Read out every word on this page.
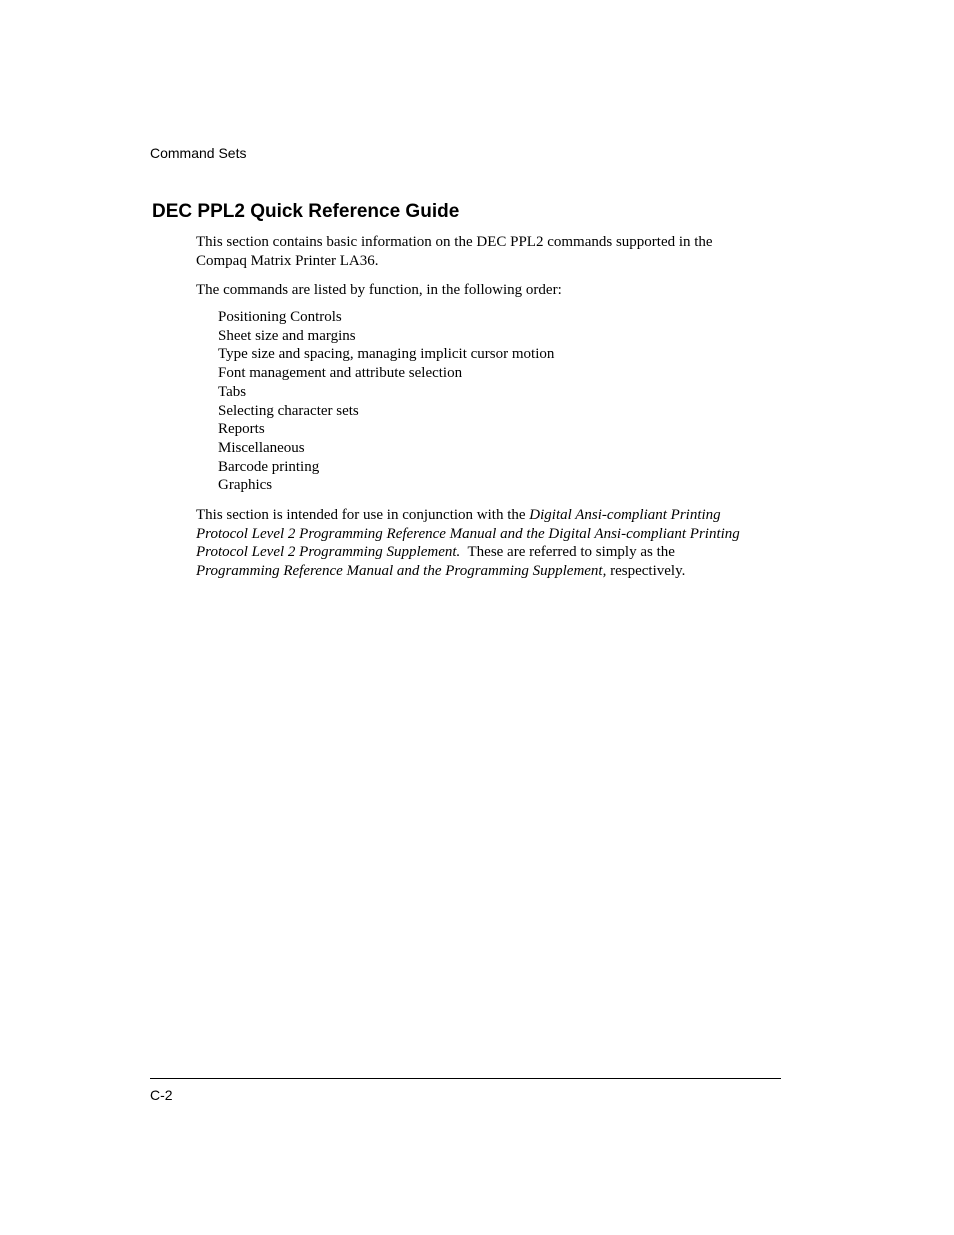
Command Sets
DEC PPL2 Quick Reference Guide

This section contains basic information on the DEC PPL2 commands supported in the
Compaq Matrix Printer LA36.

The commands are listed by function, in the following order:

Positioning Controls
Sheet size and margins
Type size and spacing, managing implicit cursor motion
Font management and attribute selection
Tabs
Selecting character sets
Reports
Miscellaneous
Barcode printing
Graphics

This section is intended for use in conjunction with the Digital Ansi-compliant Printing
Protocol Level 2 Programming Reference Manual and the Digital Ansi-compliant Printing
Protocol Level 2 Programming Supplement.  These are referred to simply as the
Programming Reference Manual and the Programming Supplement, respectively.

C-2
